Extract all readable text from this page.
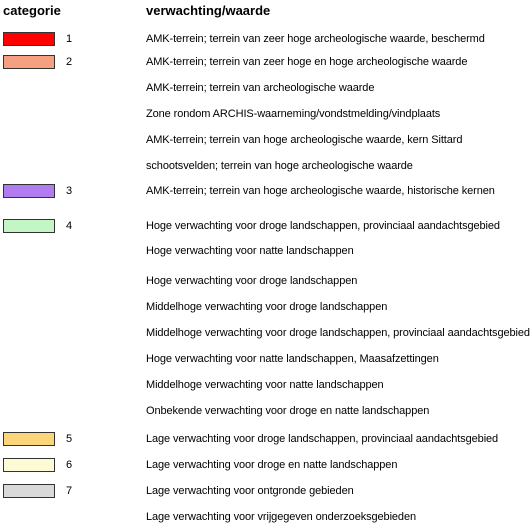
categorie	verwachting/waarde
1	AMK-terrein; terrein van zeer hoge archeologische waarde, beschermd
2	AMK-terrein; terrein van zeer hoge en hoge archeologische waarde
AMK-terrein; terrein van archeologische waarde
Zone rondom ARCHIS-waarneming/vondstmelding/vindplaats
AMK-terrein; terrein van hoge archeologische waarde, kern Sittard
schootsvelden; terrein van hoge archeologische waarde
3	AMK-terrein; terrein van hoge archeologische waarde, historische kernen
4	Hoge verwachting voor droge landschappen, provinciaal aandachtsgebied
Hoge verwachting voor natte landschappen
Hoge verwachting voor droge landschappen
Middelhoge verwachting voor droge landschappen
Middelhoge verwachting voor droge landschappen, provinciaal aandachtsgebied
Hoge verwachting voor natte landschappen, Maasafzettingen
Middelhoge verwachting voor natte landschappen
Onbekende verwachting voor droge en natte landschappen
5	Lage verwachting voor droge landschappen, provinciaal aandachtsgebied
6	Lage verwachting voor droge en natte landschappen
7	Lage verwachting voor ontgronde gebieden
Lage verwachting voor vrijgegeven onderzoeksgebieden
